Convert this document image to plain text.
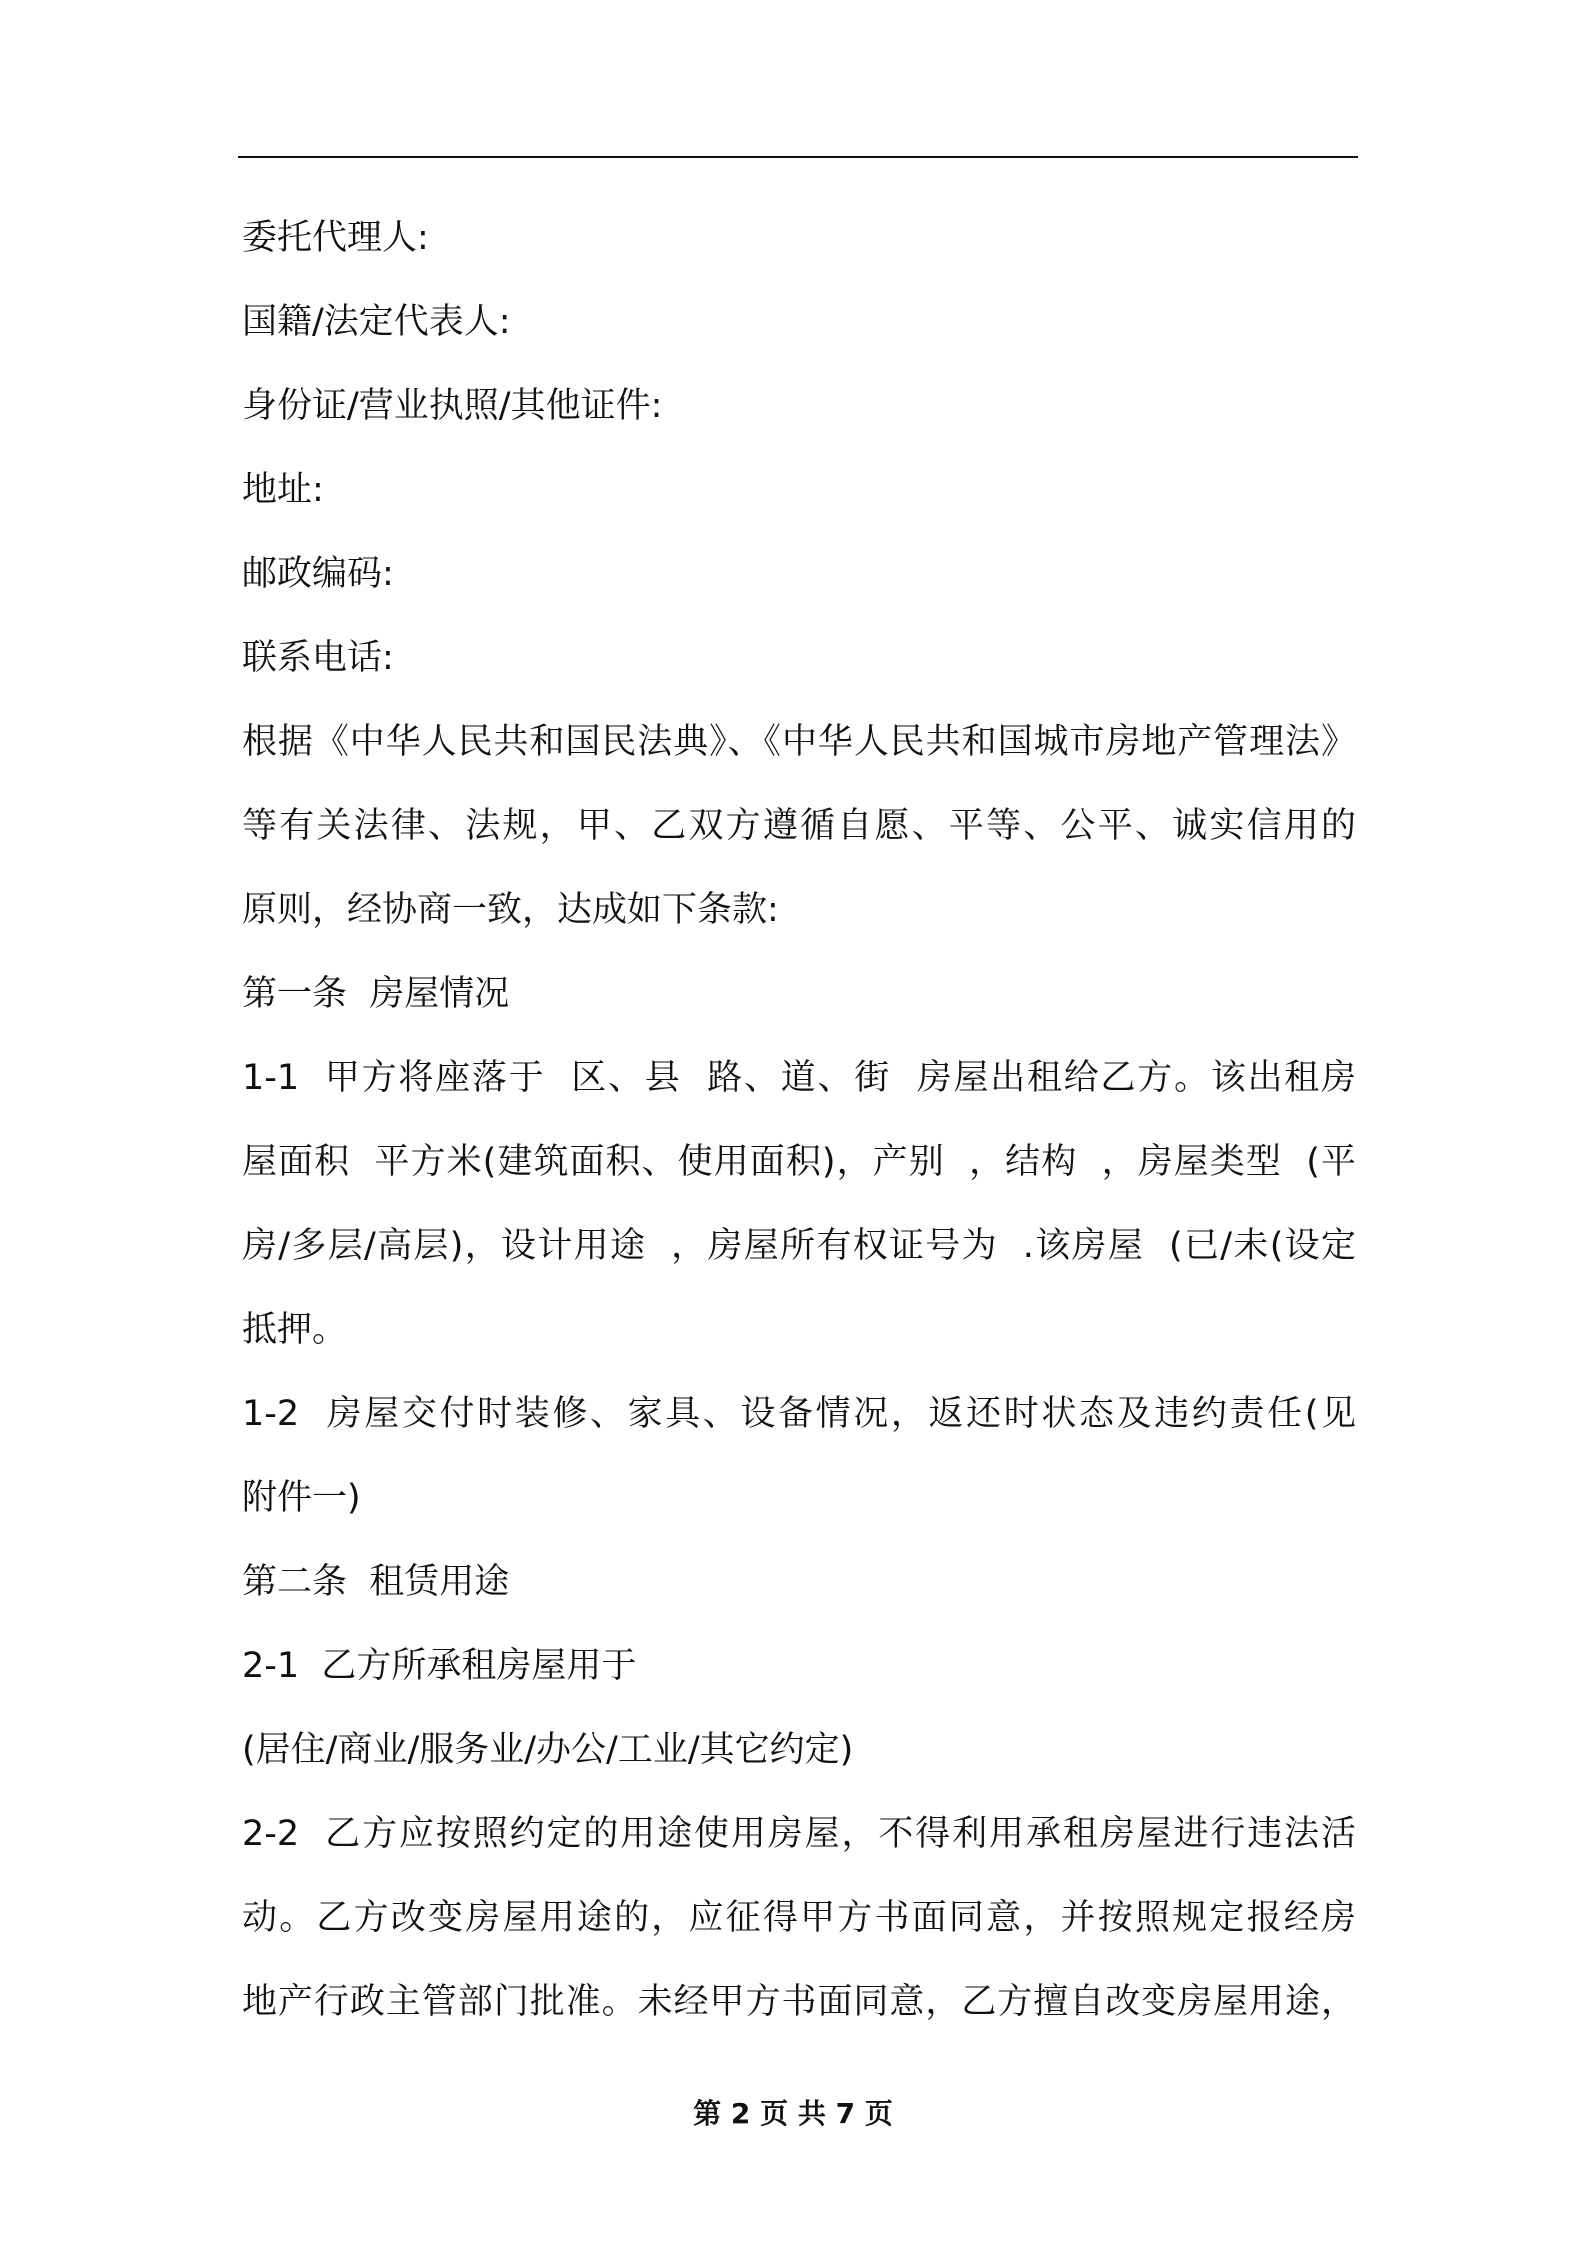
委托代理人:
国籍/法定代表人:
身份证/营业执照/其他证件:
地址:
邮政编码:
联系电话:
根据《中华人民共和国民法典》、《中华人民共和国城市房地产管理法》
等有关法律、法规，甲、乙双方遵循自愿、平等、公平、诚实信用的
原则，经协商一致，达成如下条款:
第一条  房屋情况
1-1  甲方将座落于  区、县  路、道、街  房屋出租给乙方。该出租房
屋面积  平方米(建筑面积、使用面积)，产别  ，结构  ，房屋类型  (平
房/多层/高层)，设计用途  ，房屋所有权证号为  .该房屋  (已/未(设定
抵押。
1-2  房屋交付时装修、家具、设备情况，返还时状态及违约责任(见
附件一)
第二条  租赁用途
2-1  乙方所承租房屋用于
(居住/商业/服务业/办公/工业/其它约定)
2-2  乙方应按照约定的用途使用房屋，不得利用承租房屋进行违法活
动。乙方改变房屋用途的，应征得甲方书面同意，并按照规定报经房
地产行政主管部门批准。未经甲方书面同意，乙方擅自改变房屋用途，
第 2 页 共 7 页
